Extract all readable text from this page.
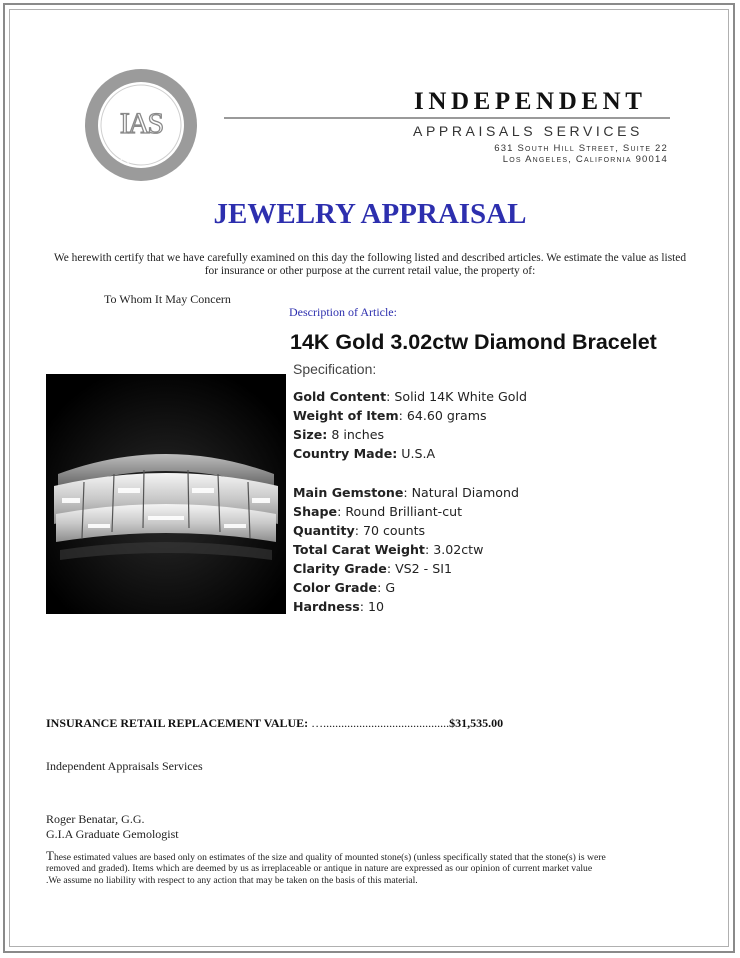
IAS
Appraisal
INDEPENDENT
APPRAISALS SERVICES
631 South Hill Street, Suite 22
Los Angeles, California 90014
JEWELRY APPRAISAL
We herewith certify that we have carefully examined on this day the following listed and described articles. We estimate the value as listed for insurance or other purpose at the current retail value, the property of:
To Whom It May Concern
Description of Article:
14K Gold 3.02ctw Diamond Bracelet
Specification:
Gold Content: Solid 14K White Gold
Weight of Item: 64.60 grams
Size: 8 inches
Country Made: U.S.A
Main Gemstone: Natural Diamond
Shape: Round Brilliant-cut
Quantity: 70 counts
Total Carat Weight: 3.02ctw
Clarity Grade: VS2 - SI1
Color Grade: G
Hardness: 10
INSURANCE RETAIL REPLACEMENT VALUE: …..........................................$31,535.00
Independent Appraisals Services
Roger Benatar, G.G.
G.I.A Graduate Gemologist
These estimated values are based only on estimates of the size and quality of mounted stone(s) (unless specifically stated that the stone(s) is were removed and graded). Items which are deemed by us as irreplaceable or antique in nature are expressed as our opinion of current market value .We assume no liability with respect to any action that may be taken on the basis of this material.
